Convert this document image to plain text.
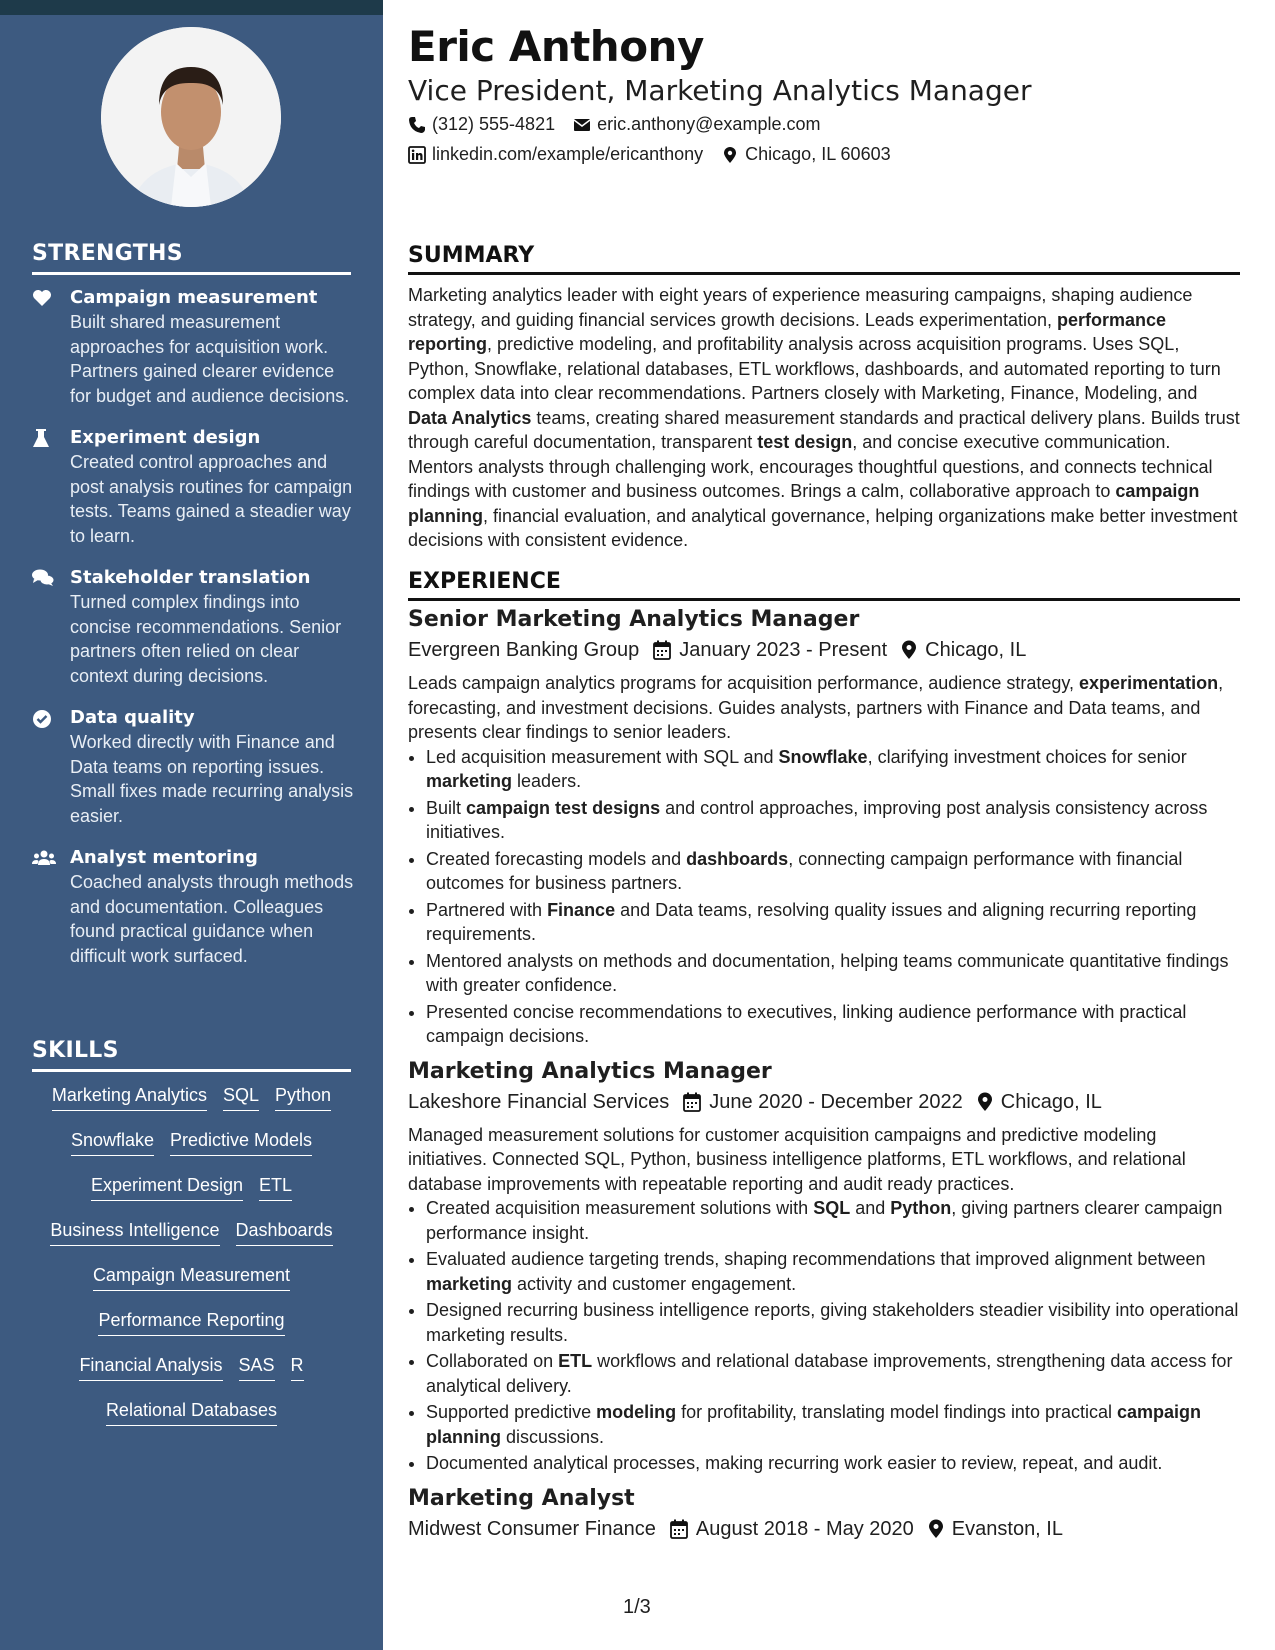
STRENGTHS
Campaign measurement
Built shared measurement approaches for acquisition work. Partners gained clearer evidence for budget and audience decisions.
Experiment design
Created control approaches and post analysis routines for campaign tests. Teams gained a steadier way to learn.
Stakeholder translation
Turned complex findings into concise recommendations. Senior partners often relied on clear context during decisions.
Data quality
Worked directly with Finance and Data teams on reporting issues. Small fixes made recurring analysis easier.
Analyst mentoring
Coached analysts through methods and documentation. Colleagues found practical guidance when difficult work surfaced.
SKILLS
Marketing Analytics SQL Python
Snowflake Predictive Models
Experiment Design ETL
Business Intelligence Dashboards
Campaign Measurement
Performance Reporting
Financial Analysis SAS R
Relational Databases
Eric Anthony
Vice President, Marketing Analytics Manager
(312) 555-4821 eric.anthony@example.com
linkedin.com/example/ericanthony Chicago, IL 60603
SUMMARY
Marketing analytics leader with eight years of experience measuring campaigns, shaping audience strategy, and guiding financial services growth decisions. Leads experimentation, performance reporting, predictive modeling, and profitability analysis across acquisition programs. Uses SQL, Python, Snowflake, relational databases, ETL workflows, dashboards, and automated reporting to turn complex data into clear recommendations. Partners closely with Marketing, Finance, Modeling, and Data Analytics teams, creating shared measurement standards and practical delivery plans. Builds trust through careful documentation, transparent test design, and concise executive communication. Mentors analysts through challenging work, encourages thoughtful questions, and connects technical findings with customer and business outcomes. Brings a calm, collaborative approach to campaign planning, financial evaluation, and analytical governance, helping organizations make better investment decisions with consistent evidence.
EXPERIENCE
Senior Marketing Analytics Manager
Evergreen Banking Group January 2023 - Present Chicago, IL
Leads campaign analytics programs for acquisition performance, audience strategy, experimentation, forecasting, and investment decisions. Guides analysts, partners with Finance and Data teams, and presents clear findings to senior leaders.
• Led acquisition measurement with SQL and Snowflake, clarifying investment choices for senior marketing leaders.
• Built campaign test designs and control approaches, improving post analysis consistency across initiatives.
• Created forecasting models and dashboards, connecting campaign performance with financial outcomes for business partners.
• Partnered with Finance and Data teams, resolving quality issues and aligning recurring reporting requirements.
• Mentored analysts on methods and documentation, helping teams communicate quantitative findings with greater confidence.
• Presented concise recommendations to executives, linking audience performance with practical campaign decisions.
Marketing Analytics Manager
Lakeshore Financial Services June 2020 - December 2022 Chicago, IL
Managed measurement solutions for customer acquisition campaigns and predictive modeling initiatives. Connected SQL, Python, business intelligence platforms, ETL workflows, and relational database improvements with repeatable reporting and audit ready practices.
• Created acquisition measurement solutions with SQL and Python, giving partners clearer campaign performance insight.
• Evaluated audience targeting trends, shaping recommendations that improved alignment between marketing activity and customer engagement.
• Designed recurring business intelligence reports, giving stakeholders steadier visibility into operational marketing results.
• Collaborated on ETL workflows and relational database improvements, strengthening data access for analytical delivery.
• Supported predictive modeling for profitability, translating model findings into practical campaign planning discussions.
• Documented analytical processes, making recurring work easier to review, repeat, and audit.
Marketing Analyst
Midwest Consumer Finance August 2018 - May 2020 Evanston, IL
1/3
